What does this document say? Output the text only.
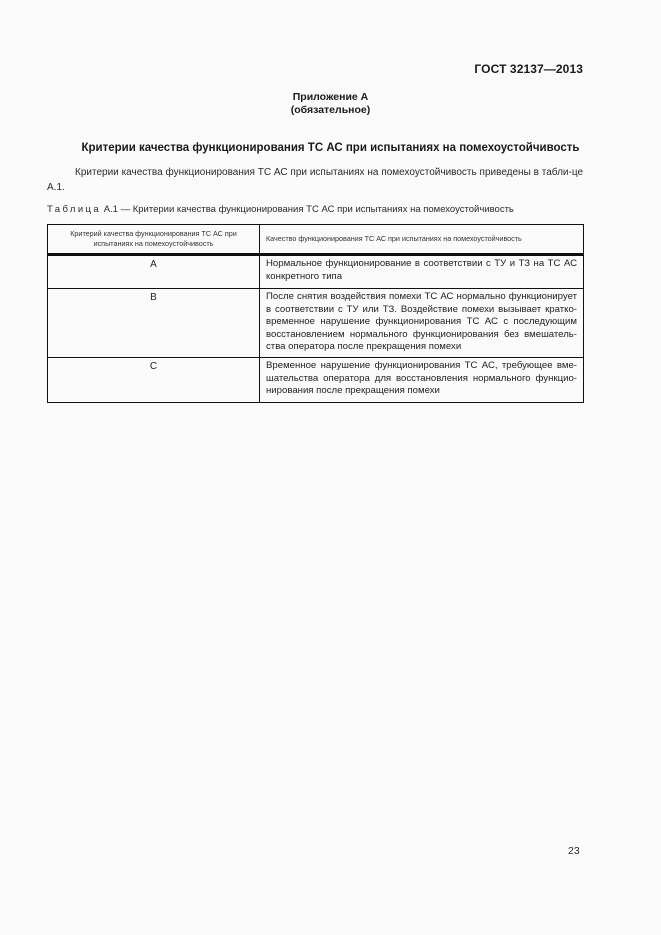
ГОСТ 32137—2013
Приложение А
(обязательное)
Критерии качества функционирования ТС АС при испытаниях на помехоустойчивость

Критерии качества функционирования ТС АС при испытаниях на помехоустойчивость приведены в табли-це А.1.

Таблица А.1 — Критерии качества функционирования ТС АС при испытаниях на помехоустойчивость
Критерий качества функционирования ТС АС при испытаниях на помехоустойчивость	Качество функционирования ТС АС при испытаниях на помехоустойчивость
А	Нормальное функционирование в соответствии с ТУ и ТЗ на ТС АС конкретного типа
В	После снятия воздействия помехи ТС АС нормально функционирует в соответствии с ТУ или ТЗ. Воздействие помехи вызывает кратко-временное нарушение функционирования ТС АС с последующим восстановлением нормального функционирования без вмешатель-ства оператора после прекращения помехи
С	Временное нарушение функционирования ТС АС, требующее вме-шательства оператора для восстановления нормального функцио-нирования после прекращения помехи
23
